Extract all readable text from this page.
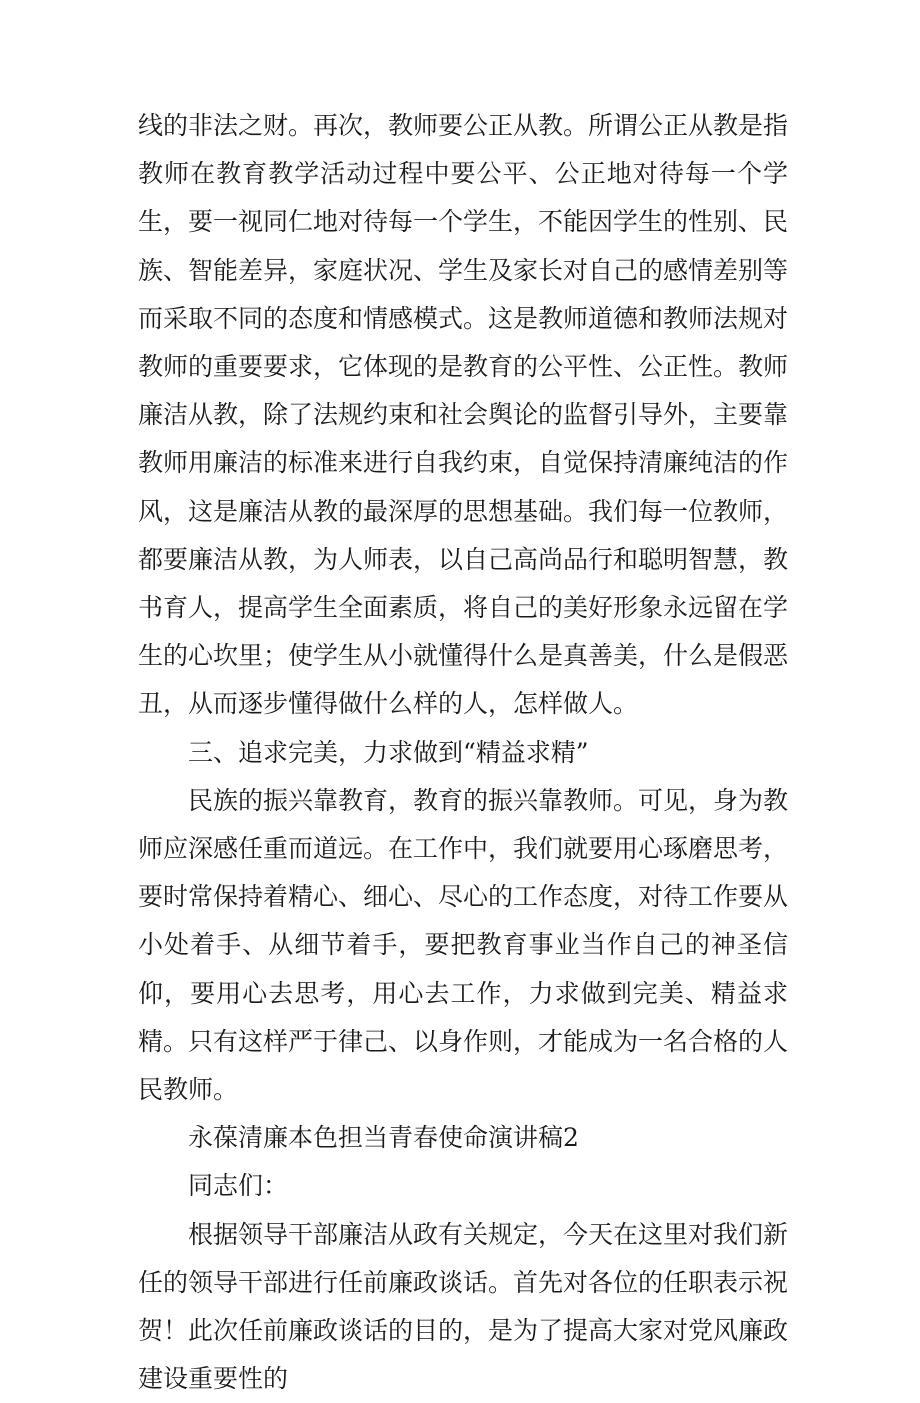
线的非法之财。再次，教师要公正从教。所谓公正从教是指教师在教育教学活动过程中要公平、公正地对待每一个学生，要一视同仁地对待每一个学生，不能因学生的性别、民族、智能差异，家庭状况、学生及家长对自己的感情差别等而采取不同的态度和情感模式。这是教师道德和教师法规对教师的重要要求，它体现的是教育的公平性、公正性。教师廉洁从教，除了法规约束和社会舆论的监督引导外，主要靠教师用廉洁的标准来进行自我约束，自觉保持清廉纯洁的作风，这是廉洁从教的最深厚的思想基础。我们每一位教师，都要廉洁从教，为人师表，以自己高尚品行和聪明智慧，教书育人，提高学生全面素质，将自己的美好形象永远留在学生的心坎里；使学生从小就懂得什么是真善美，什么是假恶丑，从而逐步懂得做什么样的人，怎样做人。

三、追求完美，力求做到“精益求精”

民族的振兴靠教育，教育的振兴靠教师。可见，身为教师应深感任重而道远。在工作中，我们就要用心琢磨思考，要时常保持着精心、细心、尽心的工作态度，对待工作要从小处着手、从细节着手，要把教育事业当作自己的神圣信仰，要用心去思考，用心去工作，力求做到完美、精益求精。只有这样严于律己、以身作则，才能成为一名合格的人民教师。

永葆清廉本色担当青春使命演讲稿2

同志们：

根据领导干部廉洁从政有关规定，今天在这里对我们新任的领导干部进行任前廉政谈话。首先对各位的任职表示祝贺！此次任前廉政谈话的目的，是为了提高大家对党风廉政建设重要性的
